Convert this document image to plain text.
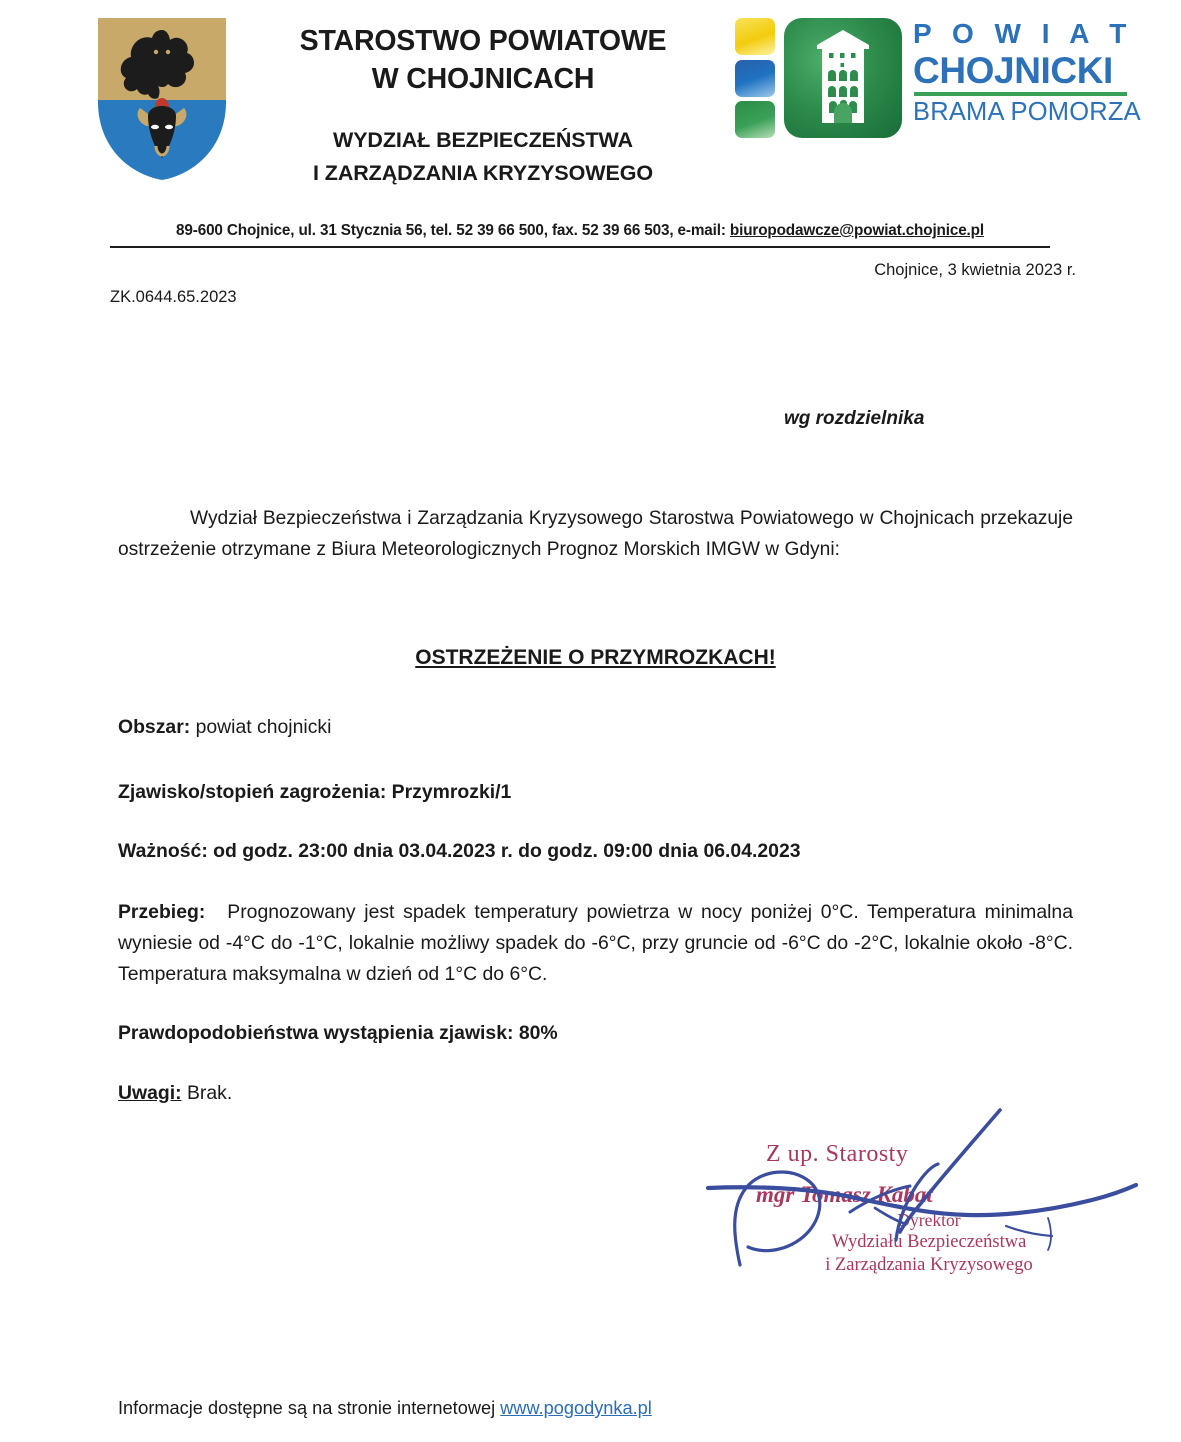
STAROSTWO POWIATOWE
W CHOJNICACH
WYDZIAŁ BEZPIECZEŃSTWA
I ZARZĄDZANIA KRYZYSOWEGO
P O W I A T
CHOJNICKI
BRAMA POMORZA
89-600 Chojnice, ul. 31 Stycznia 56, tel. 52 39 66 500, fax. 52 39 66 503, e-mail: biuropodawcze@powiat.chojnice.pl
Chojnice, 3 kwietnia 2023 r.
ZK.0644.65.2023
wg rozdzielnika
Wydział Bezpieczeństwa i Zarządzania Kryzysowego Starostwa Powiatowego w Chojnicach przekazuje ostrzeżenie otrzymane z Biura Meteorologicznych Prognoz Morskich IMGW w Gdyni:
OSTRZEŻENIE O PRZYMROZKACH!
Obszar: powiat chojnicki
Zjawisko/stopień zagrożenia: Przymrozki/1
Ważność: od godz. 23:00 dnia 03.04.2023 r. do godz. 09:00 dnia 06.04.2023
Przebieg: Prognozowany jest spadek temperatury powietrza w nocy poniżej 0°C. Temperatura minimalna wyniesie od -4°C do -1°C, lokalnie możliwy spadek do -6°C, przy gruncie od -6°C do -2°C, lokalnie około -8°C. Temperatura maksymalna w dzień od 1°C do 6°C.
Prawdopodobieństwa wystąpienia zjawisk: 80%
Uwagi: Brak.
Z up. Starosty
mgr Tomasz Kabat
Dyrektor
Wydziału Bezpieczeństwa
i Zarządzania Kryzysowego
Informacje dostępne są na stronie internetowej www.pogodynka.pl
